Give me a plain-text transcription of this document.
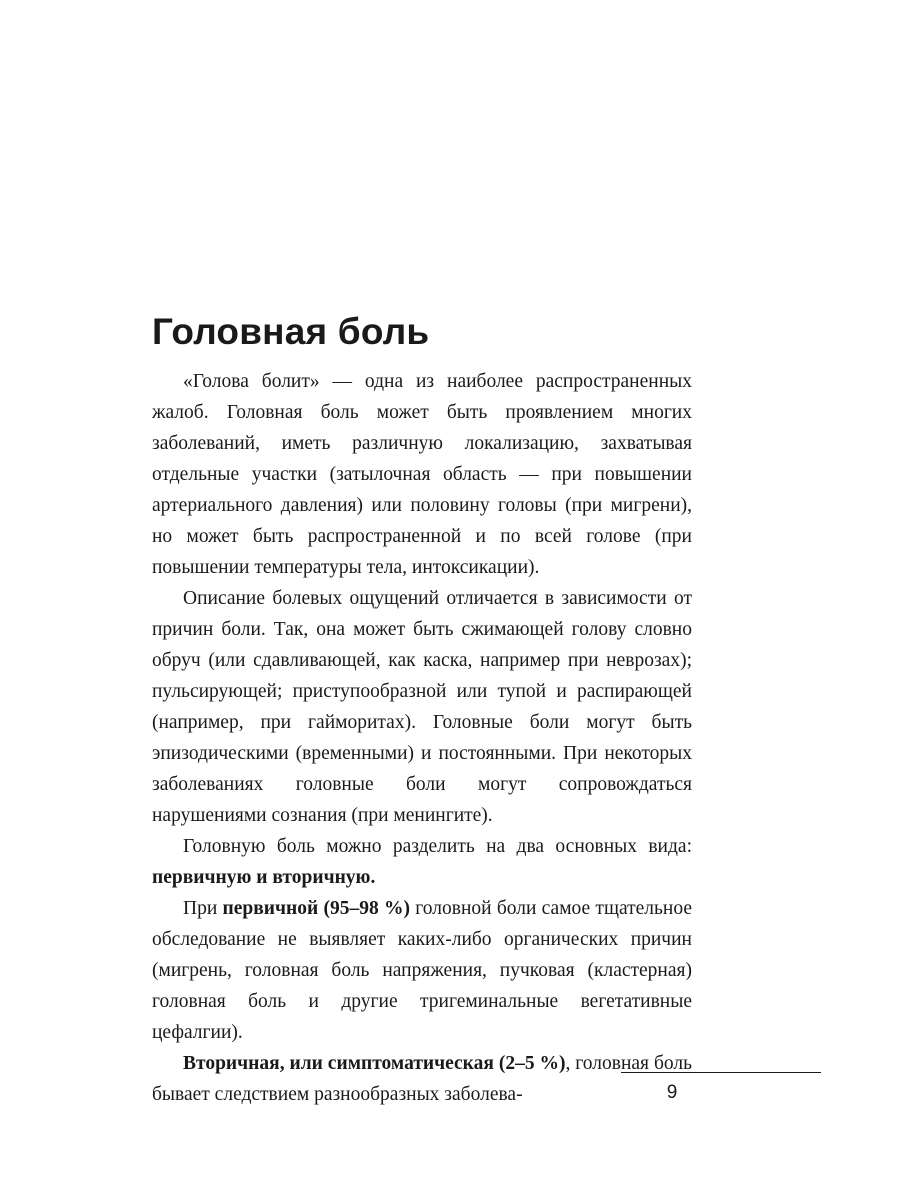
Головная боль

«Голова болит» — одна из наиболее распространенных жалоб. Головная боль может быть проявлением многих заболеваний, иметь различную локализацию, захватывая отдельные участки (затылочная область — при повышении артериального давления) или половину головы (при мигрени), но может быть распространенной и по всей голове (при повышении температуры тела, интоксикации).

Описание болевых ощущений отличается в зависимости от причин боли. Так, она может быть сжимающей голову словно обруч (или сдавливающей, как каска, например при неврозах); пульсирующей; приступообразной или тупой и распирающей (например, при гайморитах). Головные боли могут быть эпизодическими (временными) и постоянными. При некоторых заболеваниях головные боли могут сопровождаться нарушениями сознания (при менингите).

Головную боль можно разделить на два основных вида: первичную и вторичную.

При первичной (95–98 %) головной боли самое тщательное обследование не выявляет каких-либо органических причин (мигрень, головная боль напряжения, пучковая (кластерная) головная боль и другие тригеминальные вегетативные цефалгии).

Вторичная, или симптоматическая (2–5 %), головная боль бывает следствием разнообразных заболева-	9
